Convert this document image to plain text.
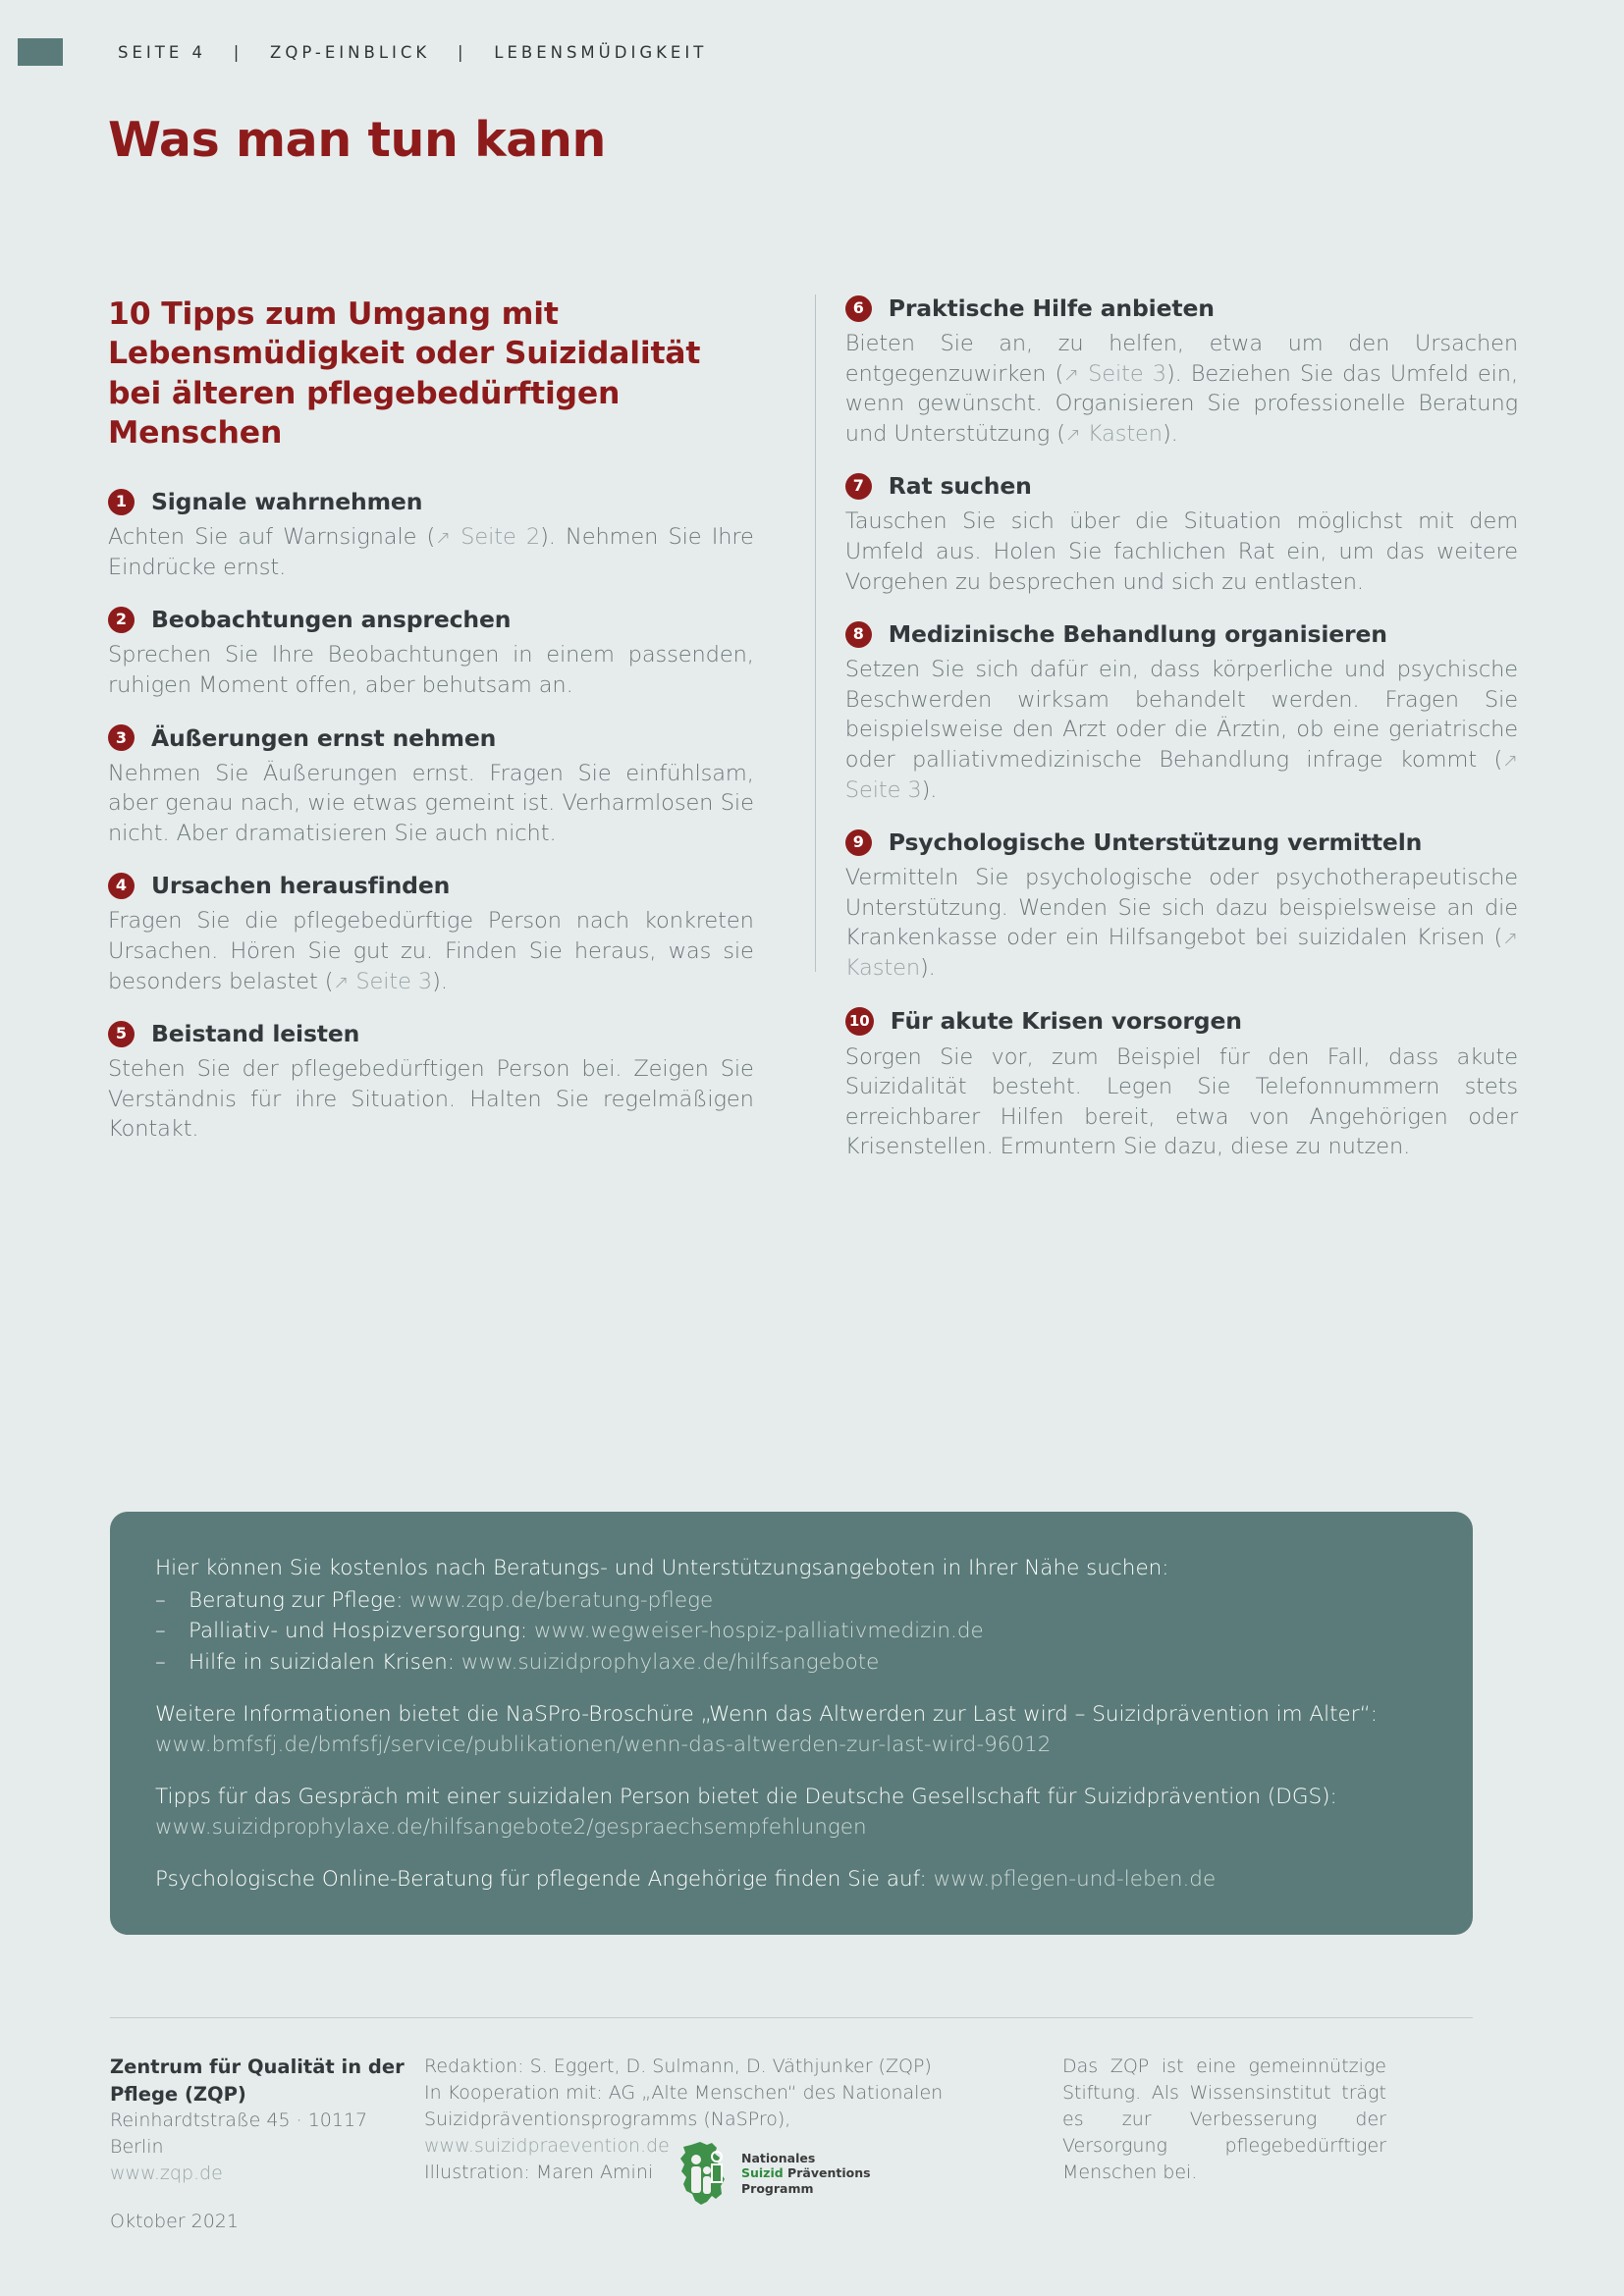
SEITE 4   |   ZQP-EINBLICK   |   LEBENSMÜDIGKEIT
Was man tun kann
10 Tipps zum Umgang mit Lebensmüdigkeit oder Suizidalität bei älteren pflegebedürftigen Menschen
1	Signale wahrnehmen
Achten Sie auf Warnsignale (↗ Seite 2). Nehmen Sie Ihre Eindrücke ernst.
2	Beobachtungen ansprechen
Sprechen Sie Ihre Beobachtungen in einem passenden, ruhigen Moment offen, aber behutsam an.
3	Äußerungen ernst nehmen
Nehmen Sie Äußerungen ernst. Fragen Sie einfühlsam, aber genau nach, wie etwas gemeint ist. Verharmlosen Sie nicht. Aber dramatisieren Sie auch nicht.
4	Ursachen herausfinden
Fragen Sie die pflegebedürftige Person nach konkreten Ursachen. Hören Sie gut zu. Finden Sie heraus, was sie besonders belastet (↗ Seite 3).
5	Beistand leisten
Stehen Sie der pflegebedürftigen Person bei. Zeigen Sie Verständnis für ihre Situation. Halten Sie regelmäßigen Kontakt.
6	Praktische Hilfe anbieten
Bieten Sie an, zu helfen, etwa um den Ursachen entgegenzuwirken (↗ Seite 3). Beziehen Sie das Umfeld ein, wenn gewünscht. Organisieren Sie professionelle Beratung und Unterstützung (↗ Kasten).
7	Rat suchen
Tauschen Sie sich über die Situation möglichst mit dem Umfeld aus. Holen Sie fachlichen Rat ein, um das weitere Vorgehen zu besprechen und sich zu entlasten.
8	Medizinische Behandlung organisieren
Setzen Sie sich dafür ein, dass körperliche und psychische Beschwerden wirksam behandelt werden. Fragen Sie beispielsweise den Arzt oder die Ärztin, ob eine geriatrische oder palliativmedizinische Behandlung infrage kommt (↗ Seite 3).
9	Psychologische Unterstützung vermitteln
Vermitteln Sie psychologische oder psychotherapeutische Unterstützung. Wenden Sie sich dazu beispielsweise an die Krankenkasse oder ein Hilfsangebot bei suizidalen Krisen (↗ Kasten).
10 Für akute Krisen vorsorgen
Sorgen Sie vor, zum Beispiel für den Fall, dass akute Suizidalität besteht. Legen Sie Telefonnummern stets erreichbarer Hilfen bereit, etwa von Angehörigen oder Krisenstellen. Ermuntern Sie dazu, diese zu nutzen.

Hier können Sie kostenlos nach Beratungs- und Unterstützungsangeboten in Ihrer Nähe suchen:

– Beratung zur Pflege: www.zqp.de/beratung-pflege
– Palliativ- und Hospizversorgung: www.wegweiser-hospiz-palliativmedizin.de
– Hilfe in suizidalen Krisen: www.suizidprophylaxe.de/hilfsangebote

Weitere Informationen bietet die NaSPro-Broschüre „Wenn das Altwerden zur Last wird – Suizidprävention im Alter“: www.bmfsfj.de/bmfsfj/service/publikationen/wenn-das-altwerden-zur-last-wird-96012

Tipps für das Gespräch mit einer suizidalen Person bietet die Deutsche Gesellschaft für Suizidprävention (DGS): www.suizidprophylaxe.de/hilfsangebote2/gespraechsempfehlungen

Psychologische Online-Beratung für pflegende Angehörige finden Sie auf: www.pflegen-und-leben.de

Zentrum für Qualität in der Pflege (ZQP)
Reinhardtstraße 45 · 10117 Berlin
www.zqp.de
Oktober 2021
Redaktion: S. Eggert, D. Sulmann, D. Väthjunker (ZQP)
In Kooperation mit: AG „Alte Menschen“ des Nationalen
Suizidpräventionsprogramms (NaSPro),
www.suizidpraevention.de
Illustration: Maren Amini
Nationales
Suizid Präventions
Programm
Das ZQP ist eine gemeinnützige Stiftung. Als Wissensinstitut trägt es zur Verbesserung der Versorgung pflegebedürftiger Menschen bei.
